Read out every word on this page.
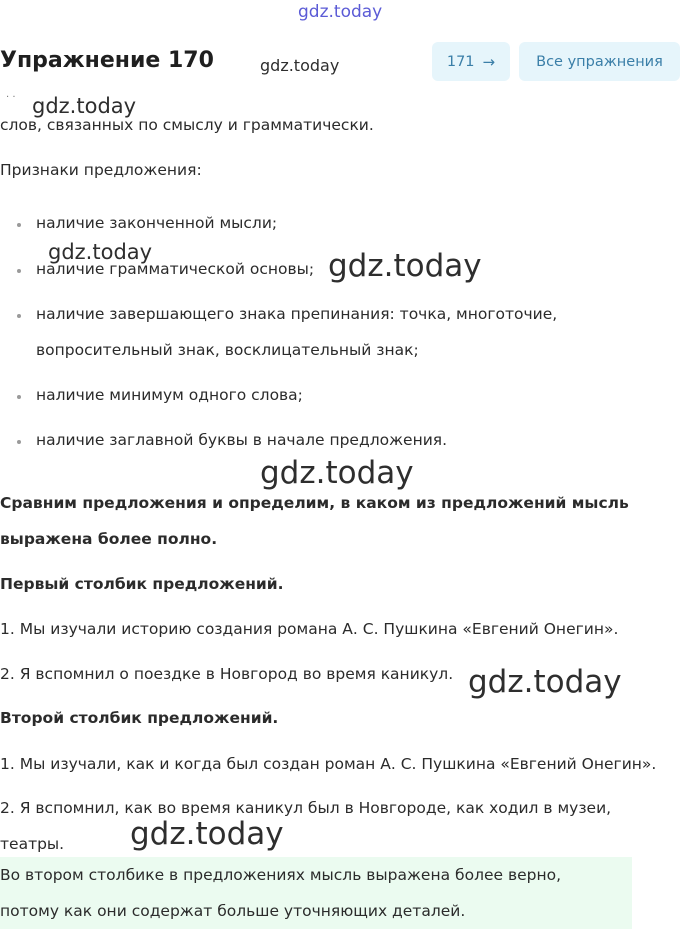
Упражнение 170	171 →	Все упражнения
· ·
слов, связанных по смыслу и грамматически.
Признаки предложения:
наличие законченной мысли;
наличие грамматической основы;
наличие завершающего знака препинания: точка, многоточие,
вопросительный знак, восклицательный знак;
наличие минимум одного слова;
наличие заглавной буквы в начале предложения.
Сравним предложения и определим, в каком из предложений мысль
выражена более полно.
Первый столбик предложений.
1. Мы изучали историю создания романа А. С. Пушкина «Евгений Онегин».
2. Я вспомнил о поездке в Новгород во время каникул.
Второй столбик предложений.
1. Мы изучали, как и когда был создан роман А. С. Пушкина «Евгений Онегин».
2. Я вспомнил, как во время каникул был в Новгороде, как ходил в музеи,
театры.
Во втором столбике в предложениях мысль выражена более верно,
потому как они содержат больше уточняющих деталей.
gdz.today
gdz.today
gdz.today
gdz.today	gdz.today
gdz.today
gdz.today
gdz.today
